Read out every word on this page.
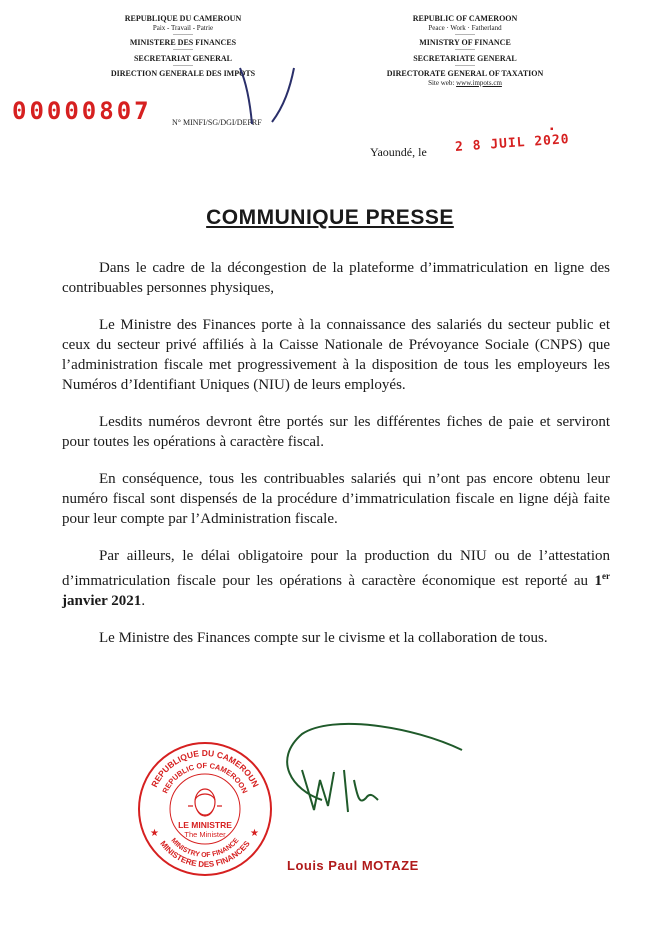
REPUBLIQUE DU CAMEROUN
Paix - Travail - Patrie
----------
MINISTERE DES FINANCES
----------
SECRETARIAT GENERAL
----------
DIRECTION GENERALE DES IMPOTS
REPUBLIC OF CAMEROON
Peace · Work · Fatherland
----------
MINISTRY OF FINANCE
----------
SECRETARIATE GENERAL
----------
DIRECTORATE GENERAL OF TAXATION
Site web: www.impots.cm
00000807	N° MINFI/SG/DGI/DEPRF
Yaoundé, le 2 8 JUIL 2020
▪
COMMUNIQUE PRESSE

Dans le cadre de la décongestion de la plateforme d’immatriculation en ligne des contribuables personnes physiques,

Le Ministre des Finances porte à la connaissance des salariés du secteur public et ceux du secteur privé affiliés à la Caisse Nationale de Prévoyance Sociale (CNPS) que l’administration fiscale met progressivement à la disposition de tous les employeurs les Numéros d’Identifiant Uniques (NIU) de leurs employés.

Lesdits numéros devront être portés sur les différentes fiches de paie et serviront pour toutes les opérations à caractère fiscal.

En conséquence, tous les contribuables salariés qui n’ont pas encore obtenu leur numéro fiscal sont dispensés de la procédure d’immatriculation fiscale en ligne déjà faite pour leur compte par l’Administration fiscale.

Par ailleurs, le délai obligatoire pour la production du NIU ou de l’attestation d’immatriculation fiscale pour les opérations à caractère économique est reporté au 1er janvier 2021.

Le Ministre des Finances compte sur le civisme et la collaboration de tous.

REPUBLIQUE DU CAMEROUN
REPUBLIC OF CAMEROON
MINISTERE DES FINANCES
MINISTRY OF FINANCE
LE MINISTRE
The Minister
★	★
Louis Paul MOTAZE
